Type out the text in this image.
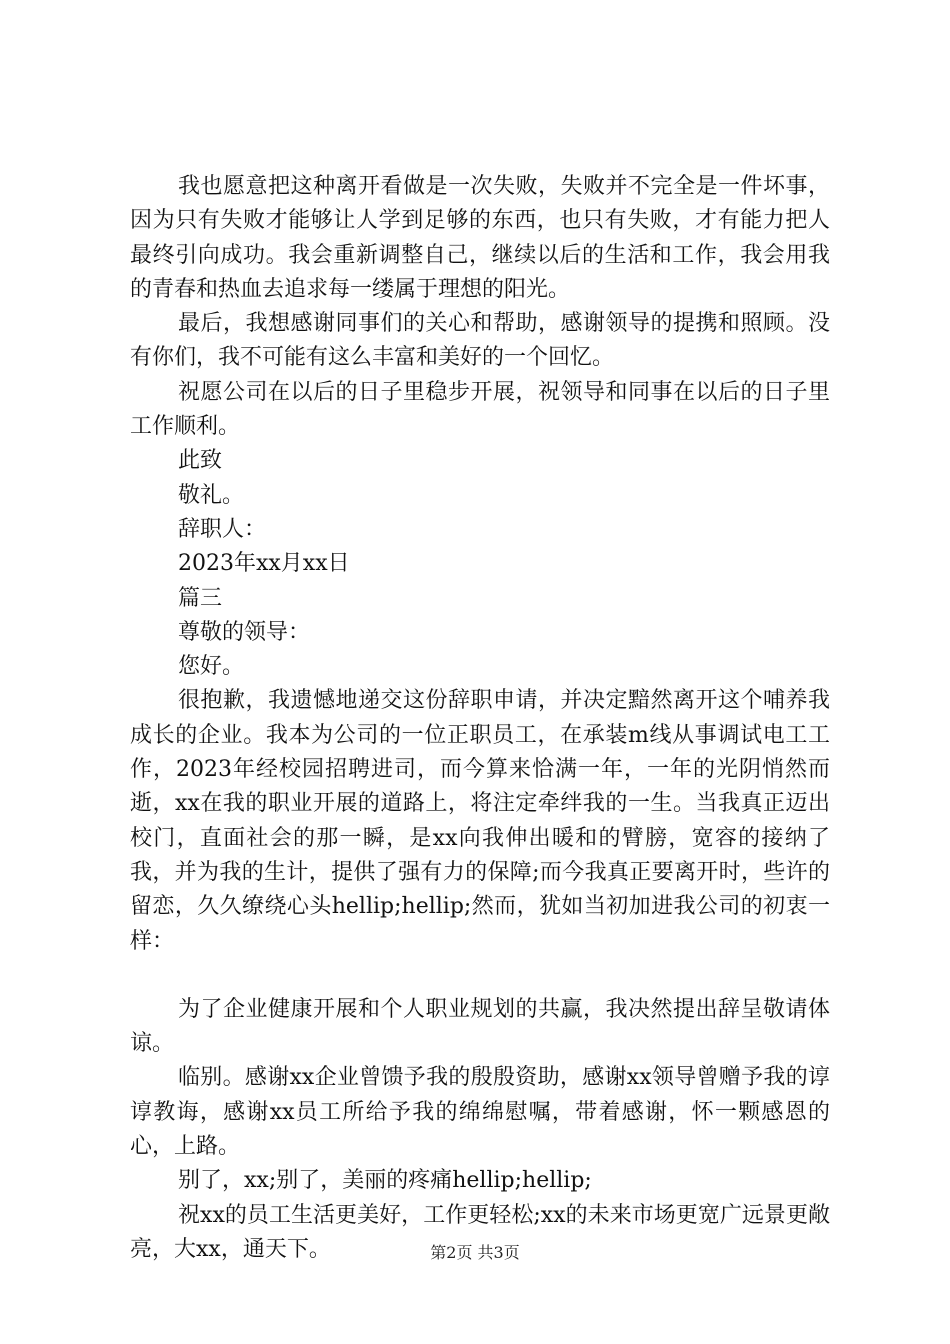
我也愿意把这种离开看做是一次失败，失败并不完全是一件坏事，因为只有失败才能够让人学到足够的东西，也只有失败，才有能力把人最终引向成功。我会重新调整自己，继续以后的生活和工作，我会用我的青春和热血去追求每一缕属于理想的阳光。

最后，我想感谢同事们的关心和帮助，感谢领导的提携和照顾。没有你们，我不可能有这么丰富和美好的一个回忆。

祝愿公司在以后的日子里稳步开展，祝领导和同事在以后的日子里工作顺利。

此致

敬礼。

辞职人：

2023年xx月xx日

篇三

尊敬的领导：

您好。

很抱歉，我遗憾地递交这份辞职申请，并决定黯然离开这个哺养我成长的企业。我本为公司的一位正职员工，在承装m线从事调试电工工作，2023年经校园招聘进司，而今算来恰满一年，一年的光阴悄然而逝，xx在我的职业开展的道路上，将注定牵绊我的一生。当我真正迈出校门，直面社会的那一瞬，是xx向我伸出暖和的臂膀，宽容的接纳了我，并为我的生计，提供了强有力的保障;而今我真正要离开时，些许的留恋，久久缭绕心头hellip;hellip;然而，犹如当初加进我公司的初衷一样：

为了企业健康开展和个人职业规划的共赢，我决然提出辞呈敬请体谅。

临别。感谢xx企业曾馈予我的殷殷资助，感谢xx领导曾赠予我的谆谆教诲，感谢xx员工所给予我的绵绵慰嘱，带着感谢，怀一颗感恩的心，上路。

别了，xx;别了，美丽的疼痛hellip;hellip;

祝xx的员工生活更美好，工作更轻松;xx的未来市场更宽广远景更敞亮，大xx，通天下。	第2页 共3页
